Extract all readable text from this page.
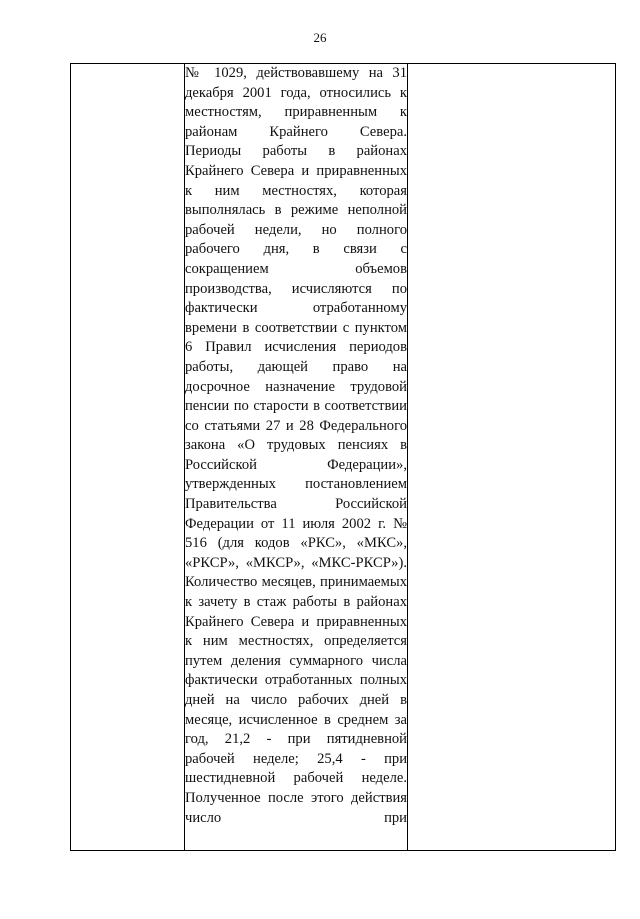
26

№ 1029, действовавшему на 31 декабря 2001 года, относились к местностям, приравненным к районам Крайнего Севера.

Периоды работы в районах Крайнего Севера и приравненных к ним местностях, которая выполнялась в режиме неполной рабочей недели, но полного рабочего дня, в связи с сокращением объемов производства, исчисляются по фактически отработанному времени в соответствии с пунктом 6 Правил исчисления периодов работы, дающей право на досрочное назначение трудовой пенсии по старости в соответствии со статьями 27 и 28 Федерального закона «О трудовых пенсиях в Российской Федерации», утвержденных постановлением Правительства Российской Федерации от 11 июля 2002 г. № 516 (для кодов «РКС», «МКС», «РКСР», «МКСР», «МКС-РКСР»).

Количество месяцев, принимаемых к зачету в стаж работы в районах Крайнего Севера и приравненных к ним местностях, определяется путем деления суммарного числа фактически отработанных полных дней на число рабочих дней в месяце, исчисленное в среднем за год, 21,2 - при пятидневной рабочей неделе; 25,4 - при шестидневной рабочей неделе. Полученное после этого действия число при
